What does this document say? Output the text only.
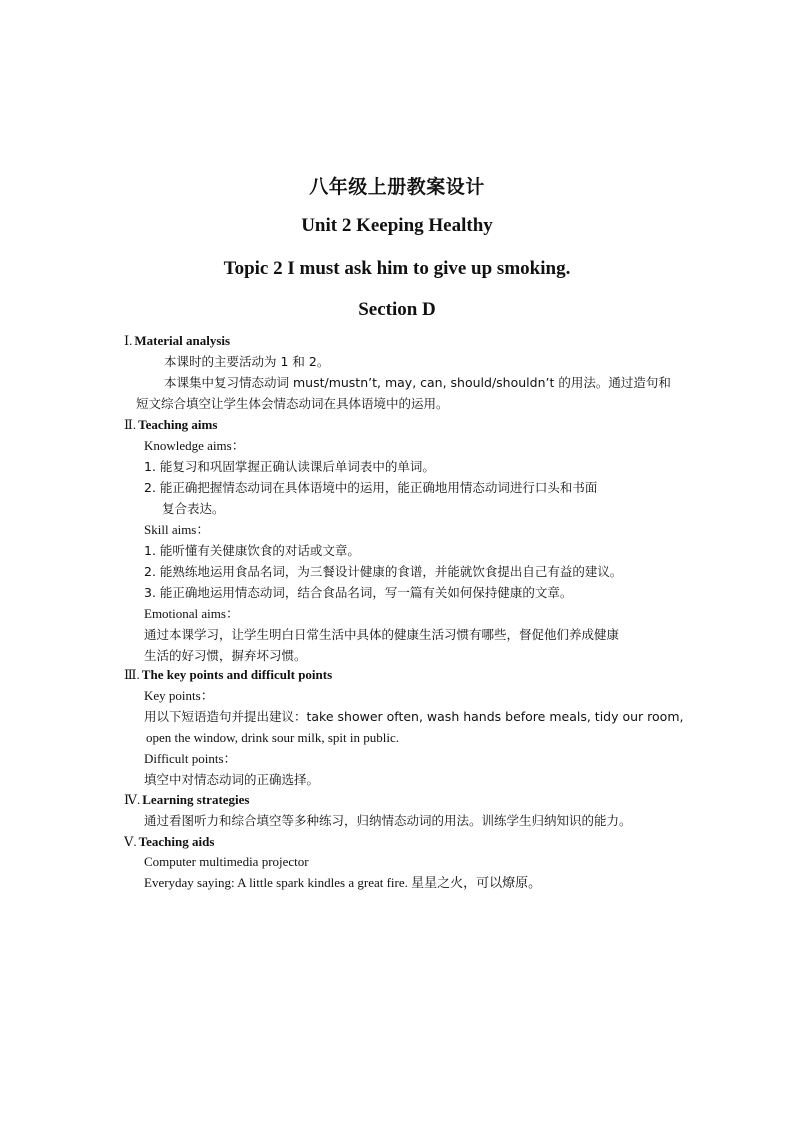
八年级上册教案设计
Unit 2 Keeping Healthy
Topic 2 I must ask him to give up smoking.
Section D
Ⅰ. Material analysis
本课时的主要活动为 1 和 2。
本课集中复习情态动词 must/mustn’t, may, can, should/shouldn’t 的用法。通过造句和
短文综合填空让学生体会情态动词在具体语境中的运用。
Ⅱ. Teaching aims
Knowledge aims：
1. 能复习和巩固掌握正确认读课后单词表中的单词。
2. 能正确把握情态动词在具体语境中的运用，能正确地用情态动词进行口头和书面
复合表达。
Skill aims：
1. 能听懂有关健康饮食的对话或文章。
2. 能熟练地运用食品名词，为三餐设计健康的食谱，并能就饮食提出自己有益的建议。
3. 能正确地运用情态动词，结合食品名词，写一篇有关如何保持健康的文章。
Emotional aims：
通过本课学习，让学生明白日常生活中具体的健康生活习惯有哪些，督促他们养成健康
生活的好习惯，摒弃坏习惯。
Ⅲ. The key points and difficult points
Key points：
用以下短语造句并提出建议：take shower often, wash hands before meals, tidy our room,
open the window, drink sour milk, spit in public.
Difficult points：
填空中对情态动词的正确选择。
Ⅳ. Learning strategies
通过看图听力和综合填空等多种练习，归纳情态动词的用法。训练学生归纳知识的能力。
Ⅴ. Teaching aids
Computer multimedia projector
Everyday saying: A little spark kindles a great fire. 星星之火，可以燎原。
